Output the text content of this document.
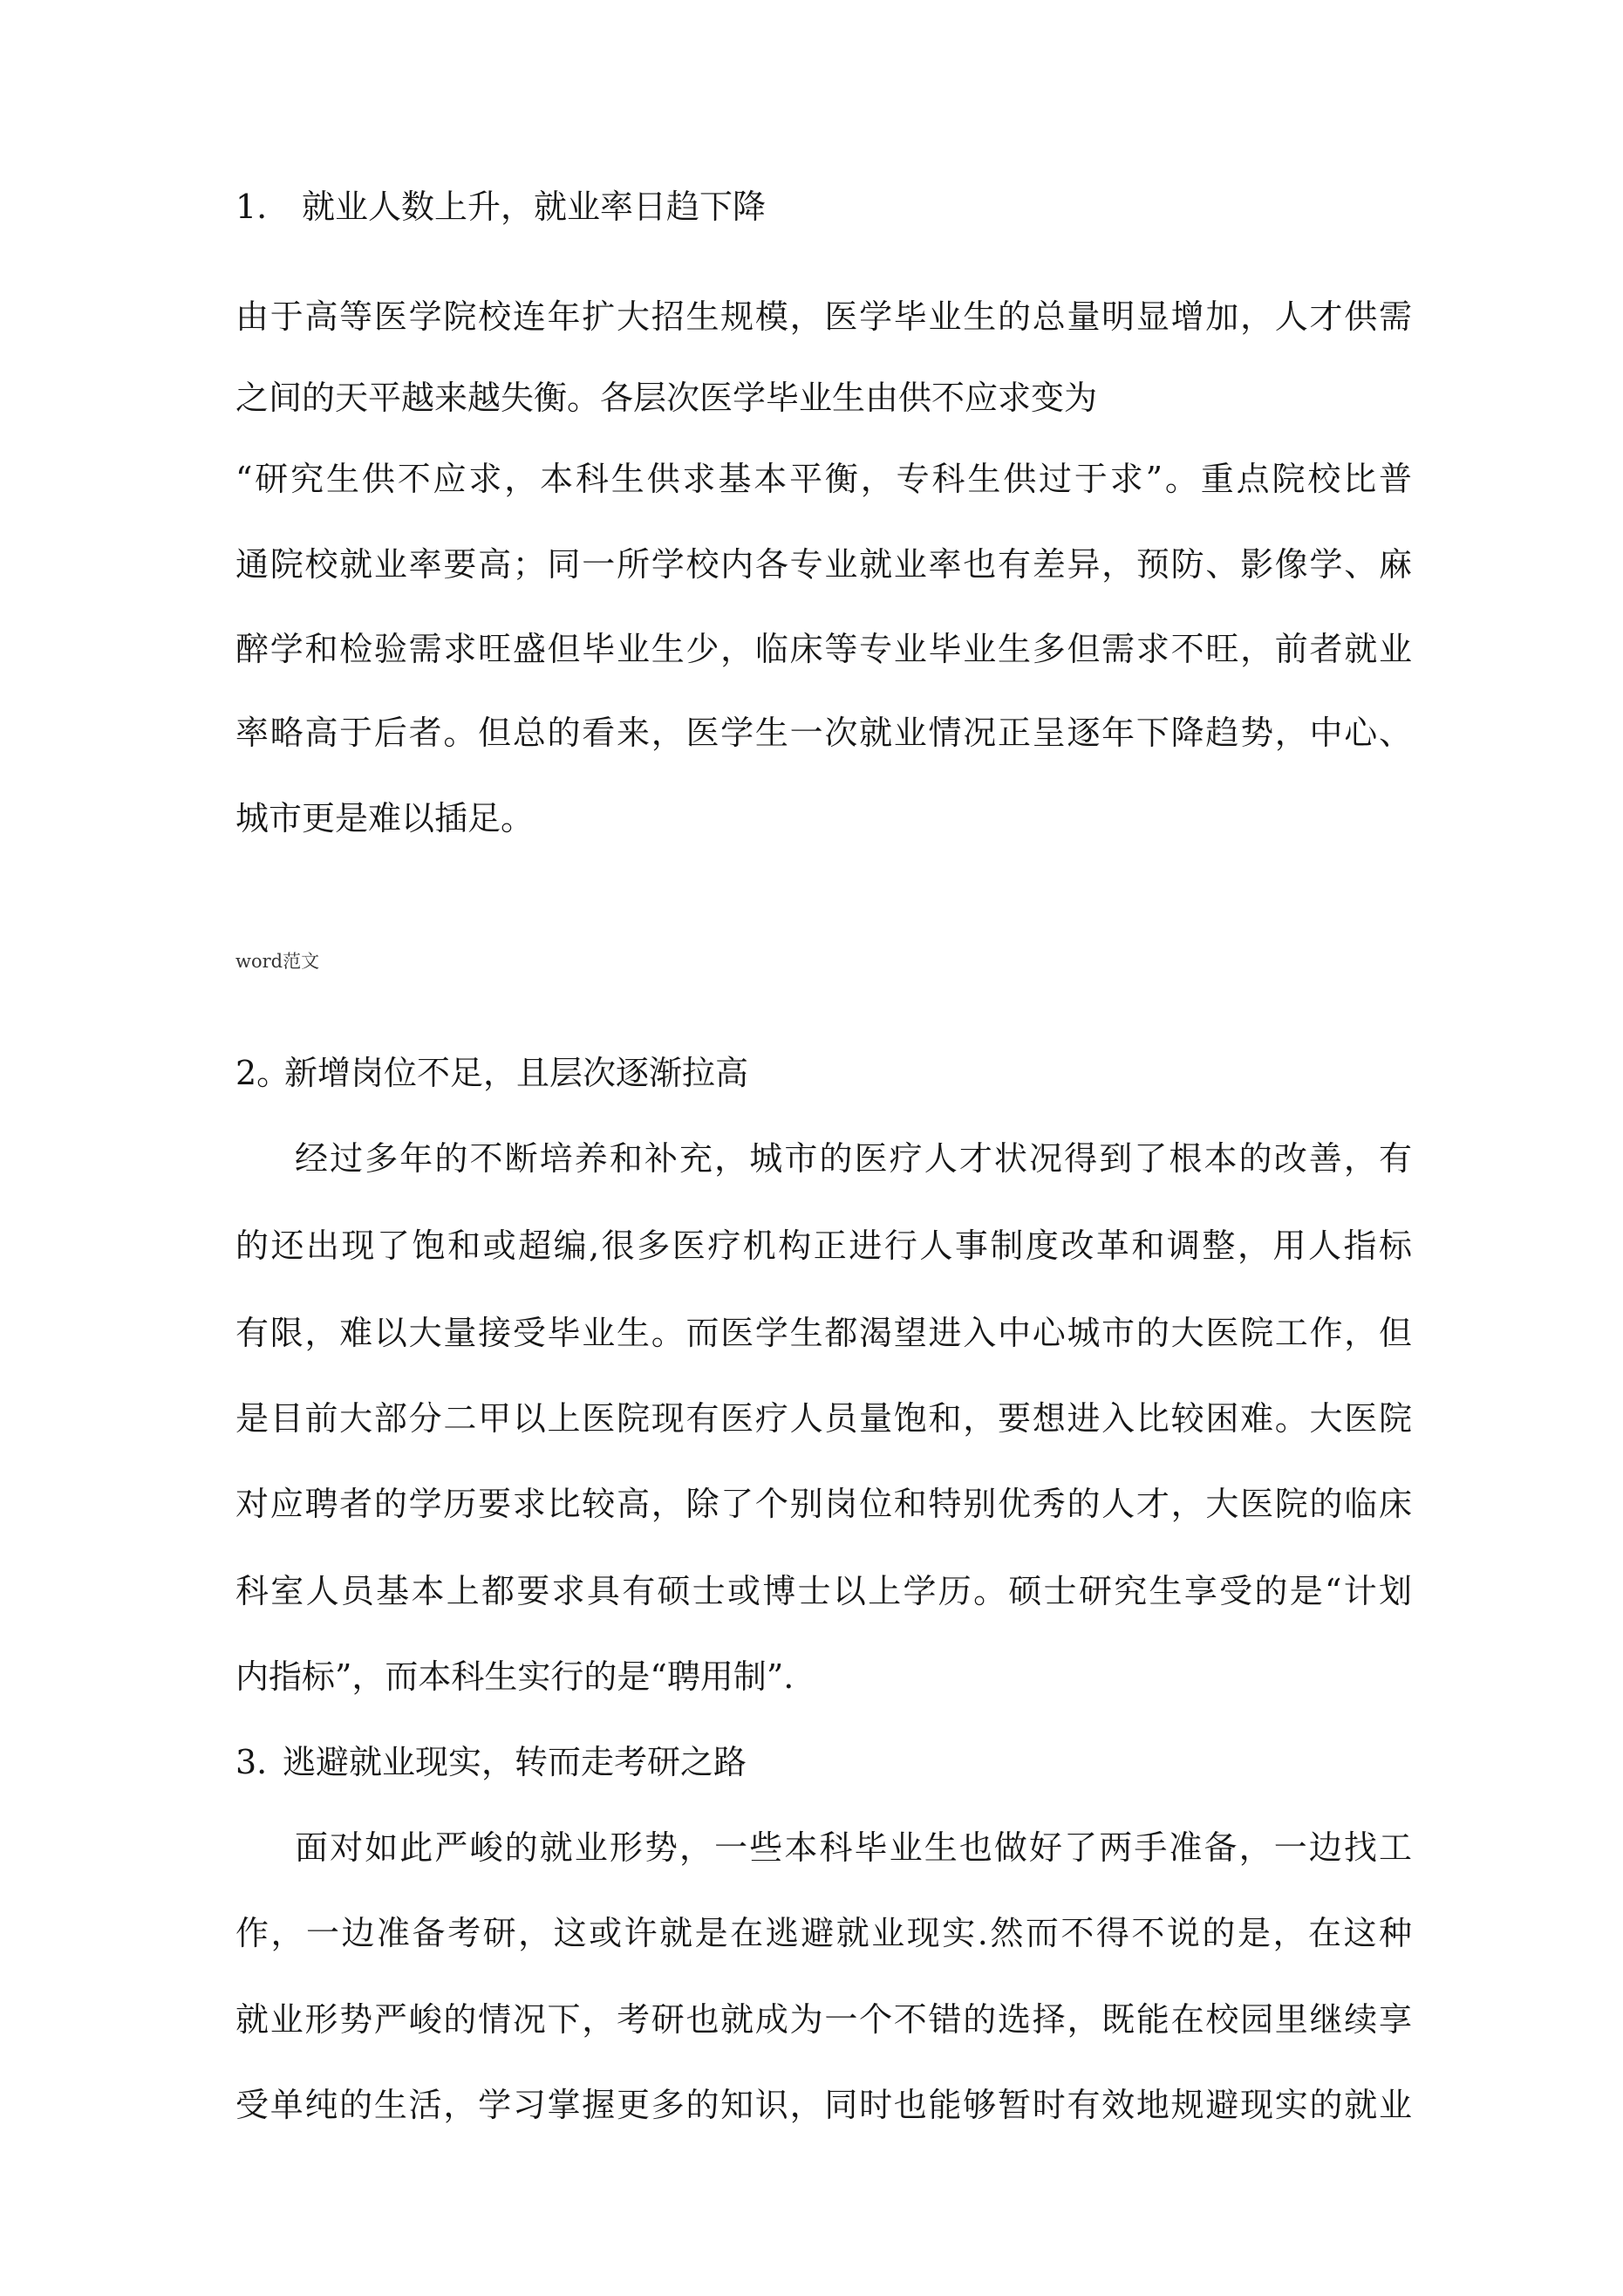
1. 就业人数上升，就业率日趋下降
由于高等医学院校连年扩大招生规模，医学毕业生的总量明显增加，人才供需
之间的天平越来越失衡。各层次医学毕业生由供不应求变为
“研究生供不应求，本科生供求基本平衡，专科生供过于求”。重点院校比普
通院校就业率要高；同一所学校内各专业就业率也有差异，预防、影像学、麻
醉学和检验需求旺盛但毕业生少，临床等专业毕业生多但需求不旺，前者就业
率略高于后者。但总的看来，医学生一次就业情况正呈逐年下降趋势，中心、
城市更是难以插足。
word范文
2。
新增岗位不足，且层次逐渐拉高
经过多年的不断培养和补充，城市的医疗人才状况得到了根本的改善，有
的还出现了饱和或超编,很多医疗机构正进行人事制度改革和调整，用人指标
有限，难以大量接受毕业生。而医学生都渴望进入中心城市的大医院工作，但
是目前大部分二甲以上医院现有医疗人员量饱和，要想进入比较困难。大医院
对应聘者的学历要求比较高，除了个别岗位和特别优秀的人才，大医院的临床
科室人员基本上都要求具有硕士或博士以上学历。硕士研究生享受的是“计划
内指标”，而本科生实行的是“聘用制”.
3. 逃避就业现实，转而走考研之路
面对如此严峻的就业形势，一些本科毕业生也做好了两手准备，一边找工
作，一边准备考研，这或许就是在逃避就业现实.然而不得不说的是，在这种
就业形势严峻的情况下，考研也就成为一个不错的选择，既能在校园里继续享
受单纯的生活，学习掌握更多的知识，同时也能够暂时有效地规避现实的就业
